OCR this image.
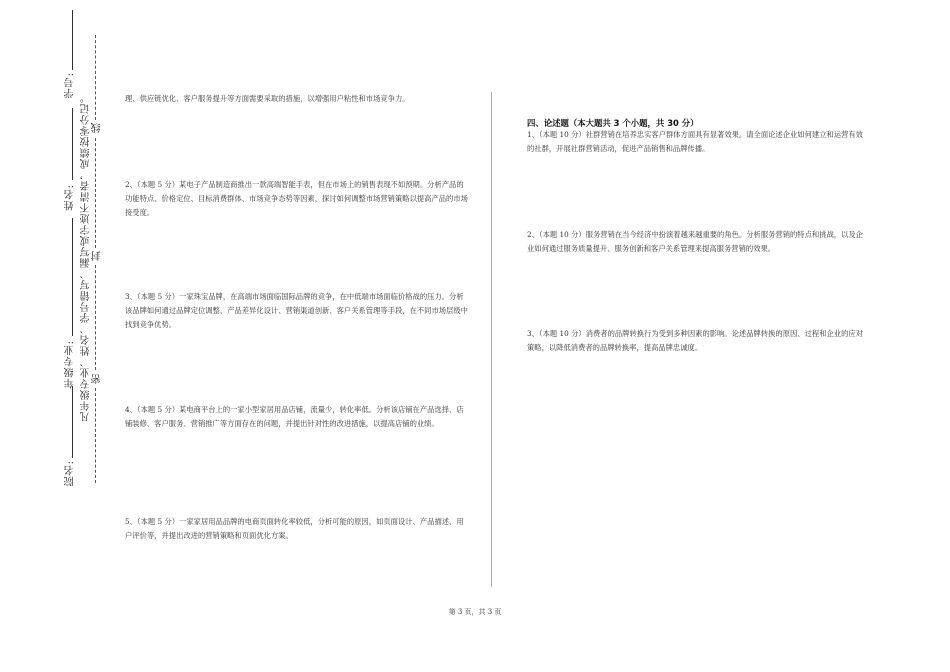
学号:
姓名:
年级专业:
院名:
凡年级专业、姓名、学号错写、漏写或字迹不清者，成绩按零分记。 线
封
密
理、供应链优化、客户服务提升等方面需要采取的措施，以增强用户粘性和市场竞争力。
2、（本题 5 分）某电子产品制造商推出一款高端智能手表，但在市场上的销售表现不如预期。分析产品的功能特点、价格定位、目标消费群体、市场竞争态势等因素，探讨如何调整市场营销策略以提高产品的市场接受度。
3、（本题 5 分）一家珠宝品牌，在高端市场面临国际品牌的竞争，在中低端市场面临价格战的压力。分析该品牌如何通过品牌定位调整、产品差异化设计、营销渠道创新、客户关系管理等手段，在不同市场层级中找到竞争优势。
4、（本题 5 分）某电商平台上的一家小型家居用品店铺，流量少，转化率低。分析该店铺在产品选择、店铺装修、客户服务、营销推广等方面存在的问题，并提出针对性的改进措施，以提高店铺的业绩。
5、（本题 5 分）一家家居用品品牌的电商页面转化率较低，分析可能的原因，如页面设计、产品描述、用户评价等，并提出改进的营销策略和页面优化方案。
四、论述题（本大题共 3 个小题，共 30 分）
1、（本题 10 分）社群营销在培养忠实客户群体方面具有显著效果。请全面论述企业如何建立和运营有效的社群，开展社群营销活动，促进产品销售和品牌传播。
2、（本题 10 分）服务营销在当今经济中扮演着越来越重要的角色。分析服务营销的特点和挑战，以及企业如何通过服务质量提升、服务创新和客户关系管理来提高服务营销的效果。
3、（本题 10 分）消费者的品牌转换行为受到多种因素的影响。论述品牌转换的原因、过程和企业的应对策略，以降低消费者的品牌转换率，提高品牌忠诚度。
第 3 页，共 3 页
